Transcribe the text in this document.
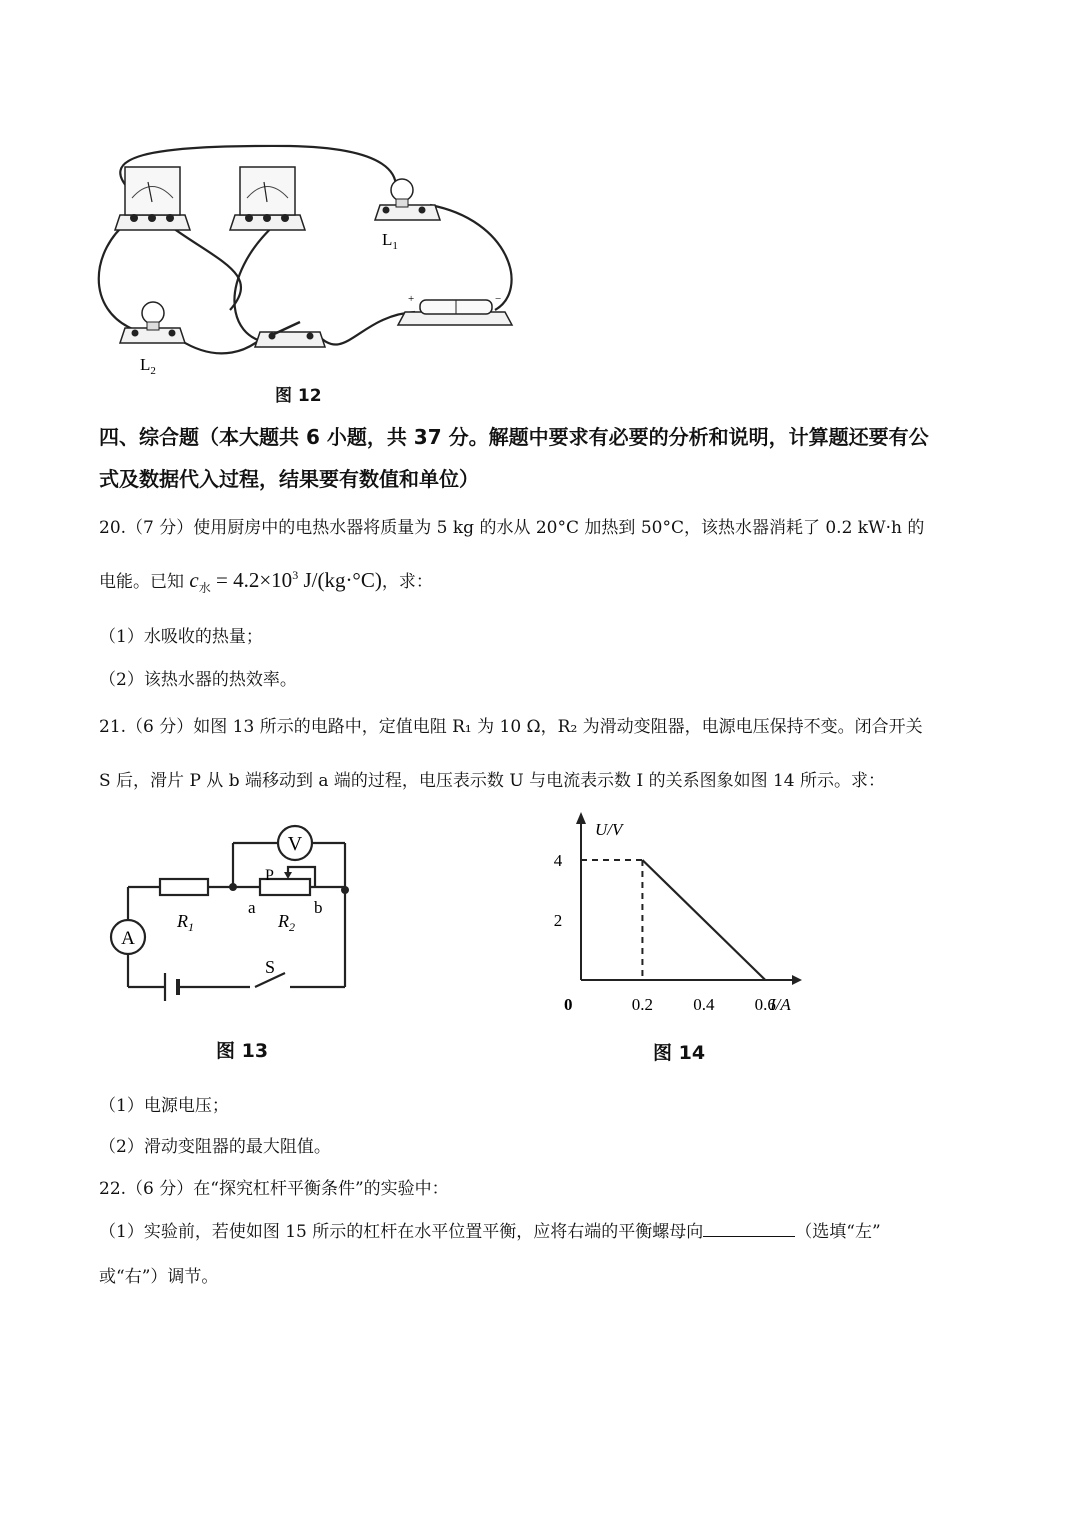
+	−
$L_1$
$L_2$
图 12
四、综合题（本大题共 6 小题，共 37 分。解题中要求有必要的分析和说明，计算题还要有公
式及数据代入过程，结果要有数值和单位）
20.（7 分）使用厨房中的电热水器将质量为 5 kg 的水从 20°C 加热到 50°C，该热水器消耗了 0.2 kW·h 的
电能。已知 $c_水 = 4.2\times 10^3$ J/(kg·°C)，求：
（1）水吸收的热量；
（2）该热水器的热效率。
21.（6 分）如图 13 所示的电路中，定值电阻 R₁ 为 10 Ω，R₂ 为滑动变阻器，电源电压保持不变。闭合开关
S 后，滑片 P 从 b 端移动到 a 端的过程，电压表示数 U 与电流表示数 I 的关系图象如图 14 所示。求：
V
A
$R_1$	$R_2$
P
a	b
S
图 13
U/V
I/A
0	0.2 0.4 0.6
4
2
图 14
（1）电源电压；
（2）滑动变阻器的最大阻值。
22.（6 分）在“探究杠杆平衡条件”的实验中：
（1）实验前，若使如图 15 所示的杠杆在水平位置平衡，应将右端的平衡螺母向	（选填“左”
或“右”）调节。
